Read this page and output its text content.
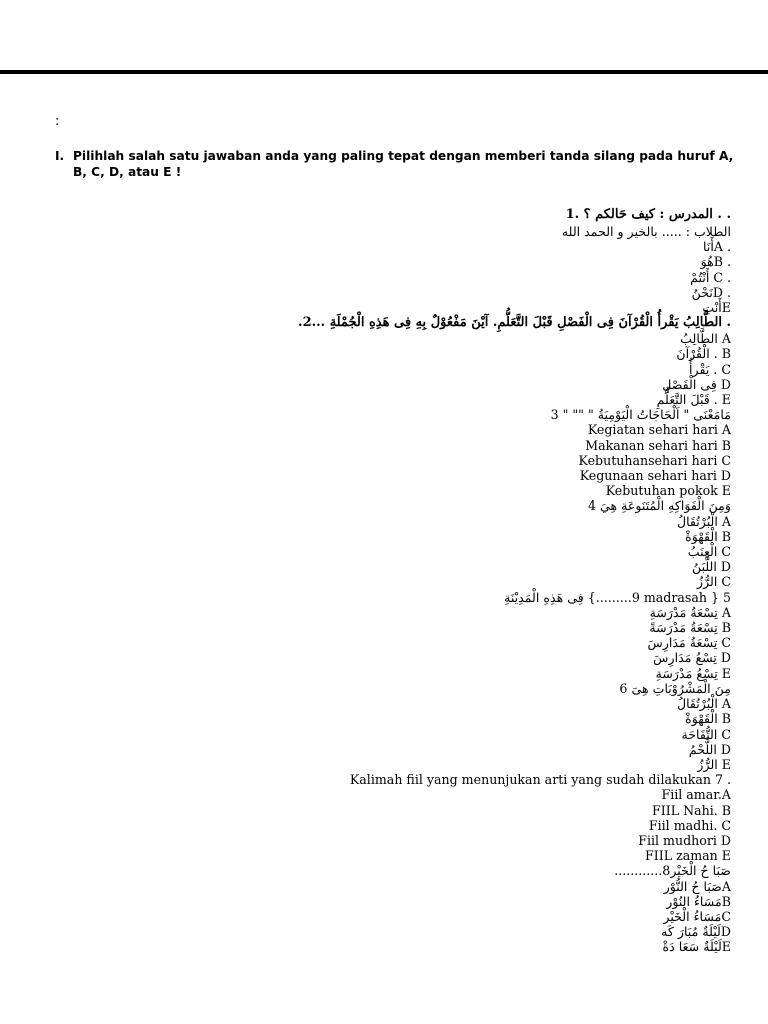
:
I. Pilihlah salah satu jawaban anda yang paling tepat dengan memberi tanda silang pada huruf A, B, C, D, atau E !
المدرس : كيف حَالكم ؟ .1 . .
الطلاب : ..... بالخير و الحمد الله
أَنَاA .
هُوَB .
أَنْتُمْ C .
نَحْنُD .
أَنْتِE
.الطَّالِبُ يَقْرأُ الْقُرْآنَ فِى الْفَصْلِ قَبْلَ التَّعَلُّمِ. آيْنَ مَفْعُوْلٌ بِهِ فِى هَذِهِ الْجُمْلَةِ ...2 .
الطَّالِبُ A
الْقُرْآنَ . B
يَقْرأُ . C
فِى الْفَصْلِ D
قَبْلَ التَّعَلُّمِ . E
مَامَعْنَى " اَلْحَاجَاتُ الْيَوْمِيَةُ " "" " 3
Kegiatan sehari hari A
Makanan sehari hari B
Kebutuhansehari hari C
Kegunaan sehari hari D
Kebutuhan pokok E
وَمِنَ الْفَوَاكِهِ الْمُتَنَوعَةِ هِيَ 4
الْبُرْتُقَالُ A
الْقَهْوَةْ B
الْعِنَبُ C
اللَّبَنُ D
الرُّزُ C
فِى هَذِهِ الْمَدِيْنَةِ {.........9 madrasah } 5
تِسْعَةُ مَدْرَسَةِ A
تِسْعَةُ مَدْرَسَةً B
تِسْعَةُ مَدَارِسَ C
تِسْعُ مَدَارِسَ D
تِسْعُ مَدْرَسَةِ E
مِنَ الْمَشْرُوْبَاتِ هِىَ 6
الْبُرْتُقَالُ A
الْقَهْوَةْ B
التُّفَاحَة C
اللَّحْمُ D
الرُّزُ E
Kalimah fiil yang menunjukan arti yang sudah dilakukan 7 .
Fiil amar.A
FIIL Nahi. B
Fiil madhi. C
Fiil mudhori D
FIIL zaman E
............صَبَا حُ الْخَيْر8
صَبَا حُ النُّوْرA
مَسَاءُ النُوْرB
مَسَاءُ الْخَيْرC
لَيْلَةٌ مُبَارَ كَهD
لَيْلَةٌ سَعَا دَةْE
